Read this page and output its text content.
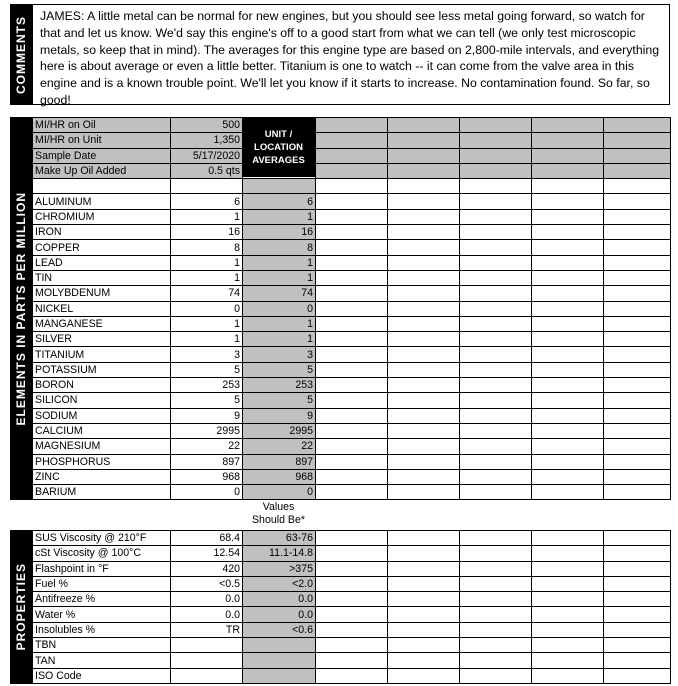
COMMENTS JAMES: A little metal can be normal for new engines, but you should see less metal going forward, so watch for that and let us know. We'd say this engine's off to a good start from what we can tell (we only test microscopic metals, so keep that in mind). The averages for this engine type are based on 2,800-mile intervals, and everything here is about average or even a little better. Titanium is one to watch -- it can come from the valve area in this engine and is a known trouble point. We'll let you know if it starts to increase. No contamination found. So far, so good!
ELEMENTS IN PARTS PER MILLION
MI/HR on Oil	500						
MI/HR on Unit	1,350						
Sample Date	5/17/2020						
Make Up Oil Added	0.5 qts						

ALUMINUM	6	6					
CHROMIUM	1	1					
IRON	16	16					
COPPER	8	8					
LEAD	1	1					
TIN	1	1					
MOLYBDENUM	74	74					
NICKEL	0	0					
MANGANESE	1	1					
SILVER	1	1					
TITANIUM	3	3					
POTASSIUM	5	5					
BORON	253	253					
SILICON	5	5					
SODIUM	9	9					
CALCIUM	2995	2995					
MAGNESIUM	22	22					
PHOSPHORUS	897	897					
ZINC	968	968					
BARIUM	0	0					
UNIT /
LOCATION
AVERAGES
Values
Should Be*
PROPERTIES
SUS Viscosity @ 210°F	68.4	63-76					
cSt Viscosity @ 100°C	12.54	11.1-14.8					
Flashpoint in °F	420	>375					
Fuel %	<0.5	<2.0					
Antifreeze %	0.0	0.0					
Water %	0.0	0.0					
Insolubles %	TR	<0.6					
TBN							
TAN							
ISO Code							
